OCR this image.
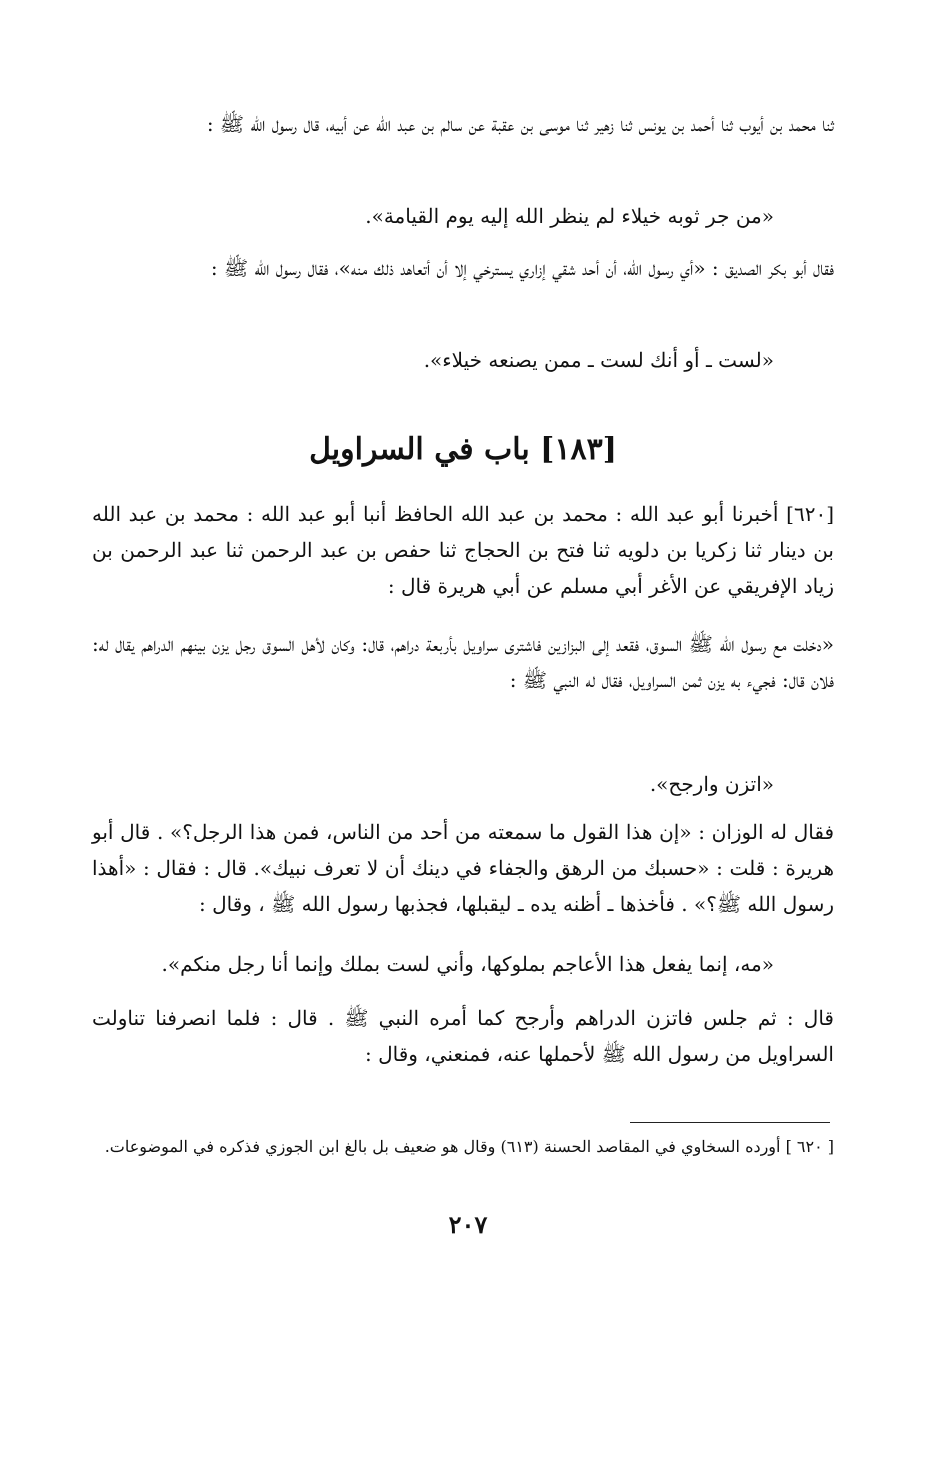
ثنا محمد بن أيوب ثنا أحمد بن يونس ثنا زهير ثنا موسى بن عقبة عن سالم بن عبد الله عن أبيه، قال رسول الله ﷺ :

«من جر ثوبه خيلاء لم ينظر الله إليه يوم القيامة».

فقال أبو بكر الصديق : «أي رسول الله، أن أحد شقي إزاري يسترخي إلا أن أتعاهد ذلك منه»، فقال رسول الله ﷺ :

«لست ـ أو أنك لست ـ ممن يصنعه خيلاء».

[١٨٣] باب في السراويل

[٦٢٠] أخبرنا أبو عبد الله : محمد بن عبد الله الحافظ أنبا أبو عبد الله : محمد بن عبد الله بن دينار ثنا زكريا بن دلويه ثنا فتح بن الحجاج ثنا حفص بن عبد الرحمن ثنا عبد الرحمن بن زياد الإفريقي عن الأغر أبي مسلم عن أبي هريرة قال :

«دخلت مع رسول الله ﷺ السوق، فقعد إلى البزازين فاشترى سراويل بأربعة دراهم، قال: وكان لأهل السوق رجل يزن بينهم الدراهم يقال له: فلان قال: فجيء به يزن ثمن السراويل، فقال له النبي ﷺ :

«اتزن وارجح».

فقال له الوزان : «إن هذا القول ما سمعته من أحد من الناس، فمن هذا الرجل؟» . قال أبو هريرة : قلت : «حسبك من الرهق والجفاء في دينك أن لا تعرف نبيك». قال : فقال : «أهذا رسول الله ﷺ؟» . فأخذها ـ أظنه يده ـ ليقبلها، فجذبها رسول الله ﷺ ، وقال :

«مه، إنما يفعل هذا الأعاجم بملوكها، وأني لست بملك وإنما أنا رجل منكم».

قال : ثم جلس فاتزن الدراهم وأرجح كما أمره النبي ﷺ . قال : فلما انصرفنا تناولت السراويل من رسول الله ﷺ لأحملها عنه، فمنعني، وقال :

[ ٦٢٠ ] أورده السخاوي في المقاصد الحسنة (٦١٣) وقال هو ضعيف بل بالغ ابن الجوزي فذكره في الموضوعات.

٢٠٧
